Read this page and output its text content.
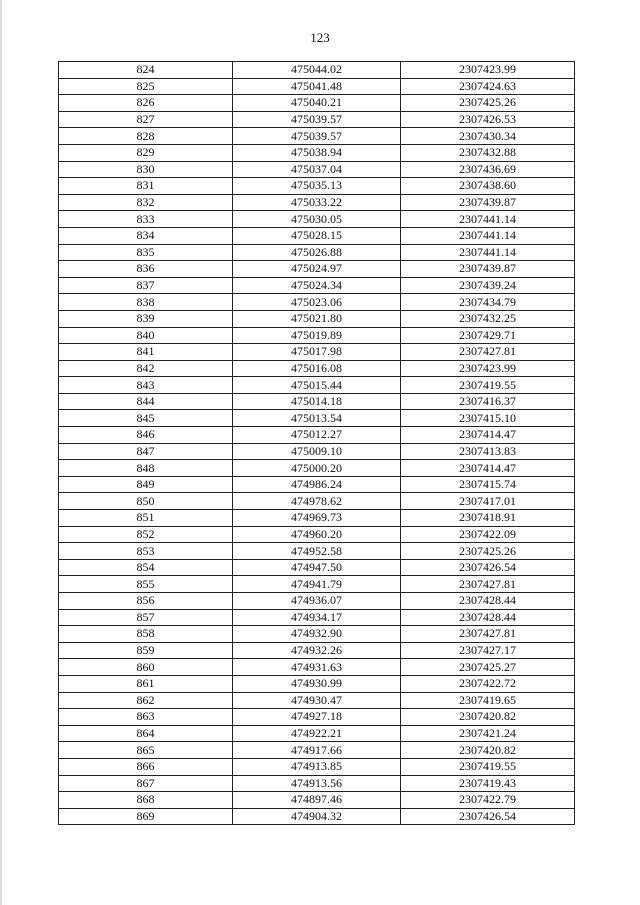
123
824	475044.02	2307423.99
825	475041.48	2307424.63
826	475040.21	2307425.26
827	475039.57	2307426.53
828	475039.57	2307430.34
829	475038.94	2307432.88
830	475037.04	2307436.69
831	475035.13	2307438.60
832	475033.22	2307439.87
833	475030.05	2307441.14
834	475028.15	2307441.14
835	475026.88	2307441.14
836	475024.97	2307439.87
837	475024.34	2307439.24
838	475023.06	2307434.79
839	475021.80	2307432.25
840	475019.89	2307429.71
841	475017.98	2307427.81
842	475016.08	2307423.99
843	475015.44	2307419.55
844	475014.18	2307416.37
845	475013.54	2307415.10
846	475012.27	2307414.47
847	475009.10	2307413.83
848	475000.20	2307414.47
849	474986.24	2307415.74
850	474978.62	2307417.01
851	474969.73	2307418.91
852	474960.20	2307422.09
853	474952.58	2307425.26
854	474947.50	2307426.54
855	474941.79	2307427.81
856	474936.07	2307428.44
857	474934.17	2307428.44
858	474932.90	2307427.81
859	474932.26	2307427.17
860	474931.63	2307425.27
861	474930.99	2307422.72
862	474930.47	2307419.65
863	474927.18	2307420.82
864	474922.21	2307421.24
865	474917.66	2307420.82
866	474913.85	2307419.55
867	474913.56	2307419.43
868	474897.46	2307422.79
869	474904.32	2307426.54
